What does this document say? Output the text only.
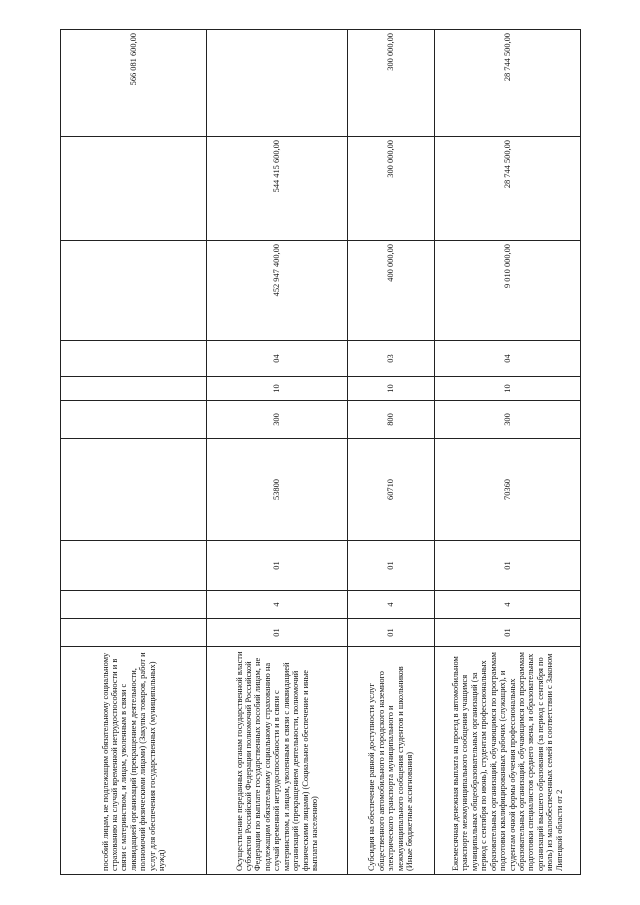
пособий лицам, не подлежащим обязательному социальному страхованию на случай временной нетрудоспособности и в связи с материнством, и лицам, уволенным в связи с ликвидацией организаций (прекращением деятельности, полномочий физическими лицами) (Закупка товаров, работ и услуг для обеспечения государственных (муниципальных) нужд)										566 081 600,00
Осуществление переданных органам государственной власти субъектов Российской Федерации полномочий Российской Федерации по выплате государственных пособий лицам, не подлежащим обязательному социальному страхованию на случай временной нетрудоспособности и в связи с материнством, и лицам, уволенным в связи с ликвидацией организаций (прекращением деятельности, полномочий физическими лицами) (Социальное обеспечение и иные выплаты населению)	01	4	01	53800	300	10	04	452 947 400,00	544 415 600,00	
Субсидия на обеспечение равной доступности услуг общественного автомобильного и городского наземного электрического транспорта муниципального и межмуниципального сообщения студентов и школьников (Иные бюджетные ассигнования)	01	4	01	60710	800	10	03	400 000,00	300 000,00	300 000,00
Ежемесячная денежная выплата на проезд в автомобильном транспорте межмуниципального сообщения учащимся муниципальных общеобразовательных организаций (за период с сентября по июнь), студентам профессиональных образовательных организаций, обучающимся по программам подготовки квалифицированных рабочих (служащих), и студентам очной формы обучения профессиональных образовательных организаций, обучающимся по программам подготовки специалистов среднего звена, и образовательных организаций высшего образования (за период с сентября по июль) из малообеспеченных семей в соответствии с Законом Липецкой области от 2	01	4	01	70360	300	10	04	9 010 000,00	28 744 500,00	28 744 500,00
